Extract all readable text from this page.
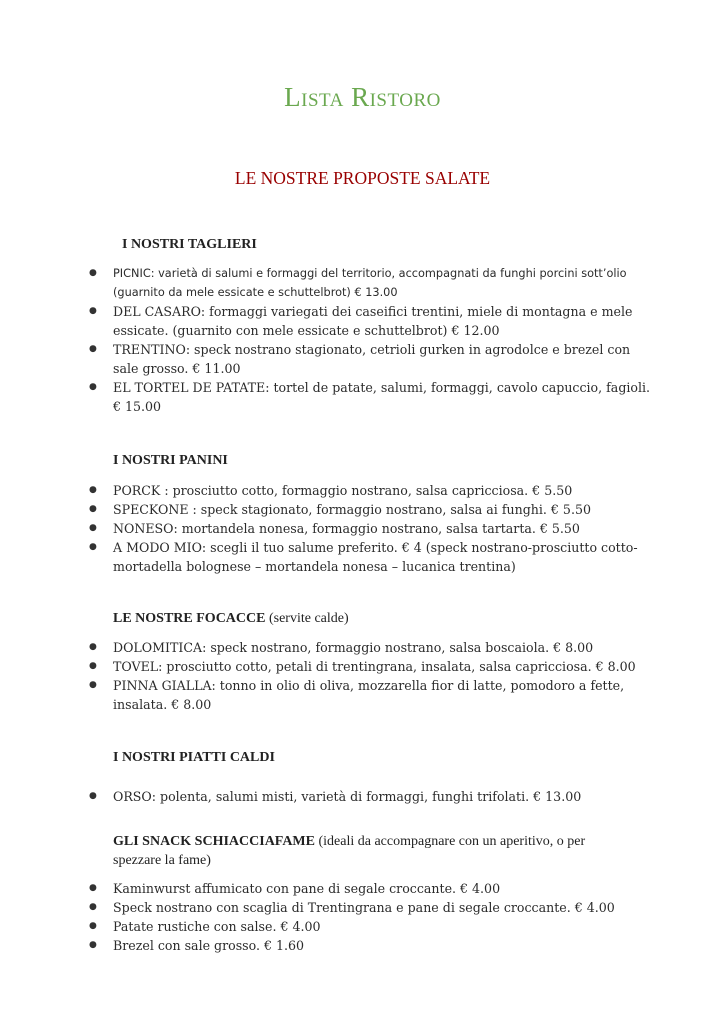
Lista Ristoro
LE NOSTRE PROPOSTE SALATE
I NOSTRI TAGLIERI
● PICNIC: varietà di salumi e formaggi del territorio, accompagnati da funghi porcini sott’olio (guarnito da mele essicate e schuttelbrot) € 13.00
● DEL CASARO: formaggi variegati dei caseifici trentini, miele di montagna e mele essicate. (guarnito con mele essicate e schuttelbrot) € 12.00
● TRENTINO: speck nostrano stagionato, cetrioli gurken in agrodolce e brezel con sale grosso. € 11.00
● EL TORTEL DE PATATE: tortel de patate, salumi, formaggi, cavolo capuccio, fagioli. € 15.00
I NOSTRI PANINI
● PORCK : prosciutto cotto, formaggio nostrano, salsa capricciosa. € 5.50
● SPECKONE : speck stagionato, formaggio nostrano, salsa ai funghi. € 5.50
● NONESO: mortandela nonesa, formaggio nostrano, salsa tartarta. € 5.50
● A MODO MIO: scegli il tuo salume preferito. € 4 (speck nostrano-prosciutto cotto-mortadella bolognese – mortandela nonesa – lucanica trentina)
LE NOSTRE FOCACCE (servite calde)
● DOLOMITICA: speck nostrano, formaggio nostrano, salsa boscaiola. € 8.00
● TOVEL: prosciutto cotto, petali di trentingrana, insalata, salsa capricciosa. € 8.00
● PINNA GIALLA: tonno in olio di oliva, mozzarella fior di latte, pomodoro a fette, insalata. € 8.00
I NOSTRI PIATTI CALDI
● ORSO: polenta, salumi misti, varietà di formaggi, funghi trifolati. € 13.00
GLI SNACK SCHIACCIAFAME (ideali da accompagnare con un aperitivo, o per spezzare la fame)
● Kaminwurst affumicato con pane di segale croccante. € 4.00
● Speck nostrano con scaglia di Trentingrana e pane di segale croccante. € 4.00
● Patate rustiche con salse. € 4.00
● Brezel con sale grosso. € 1.60
